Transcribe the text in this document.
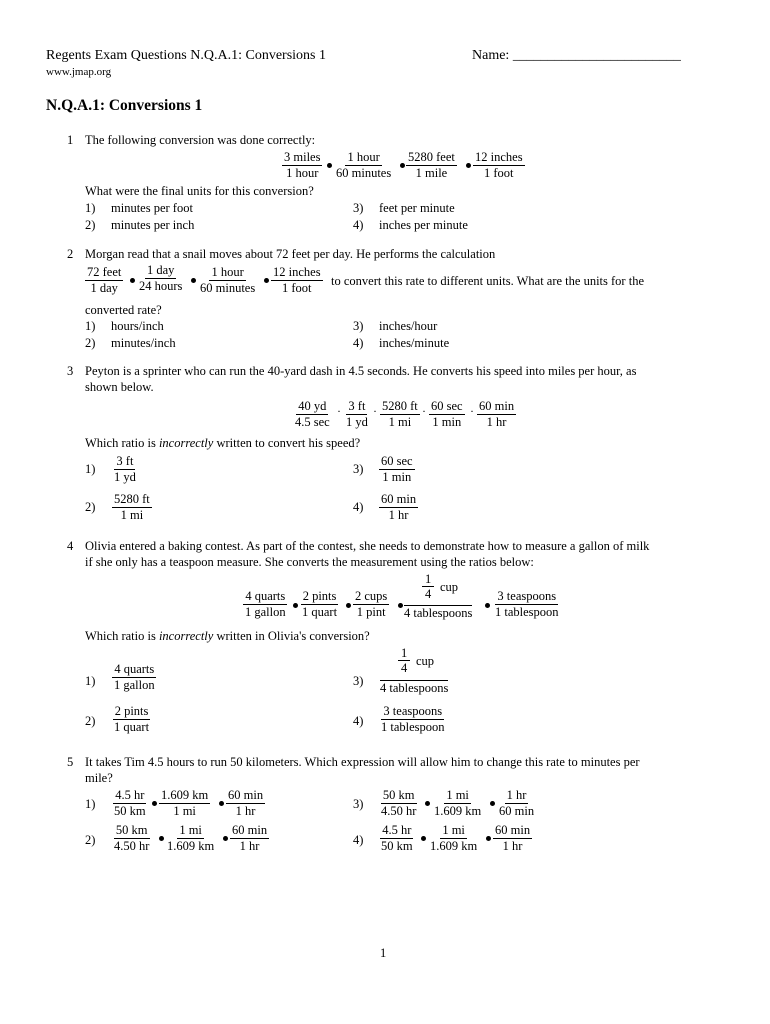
Regents Exam Questions N.Q.A.1: Conversions 1	Name: ________________________
www.jmap.org
N.Q.A.1: Conversions 1
1 The following conversion was done correctly:
3 miles
1 hour
1 hour
60 minutes
5280 feet
1 mile
12 inches
1 foot
What were the final units for this conversion?
1) minutes per foot
2) minutes per inch
3) feet per minute
4) inches per minute
2 Morgan read that a snail moves about 72 feet per day. He performs the calculation
72 feet
1 day
1 day
24 hours
1 hour
60 minutes
12 inches
1 foot to convert this rate to different units. What are the units for the
converted rate?
1) hours/inch
2) minutes/inch
3) inches/hour
4) inches/minute
3 Peyton is a sprinter who can run the 40-yard dash in 4.5 seconds. He converts his speed into miles per hour, as
shown below.
40 yd
4.5 sec
· $\frac{3 ft}{1 yd} \cdot \frac{5280 ft}{1 mi} \cdot 60$ sec
1 min
· 60 min
1 hr
Which ratio is incorrectly written to convert his speed?
$1) \frac{3 ft}{1 yd}$
$2) \frac{5280 ft}{1 mi}$
3)
60 sec
1 min
4)
60 min
1 hr
4 Olivia entered a baking contest. As part of the contest, she needs to demonstrate how to measure a gallon of milk
if she only has a teaspoon measure. She converts the measurement using the ratios below:
4 quarts
1 gallon
2 pints
1 quart
2 cups
1 pint
$\frac{1}{4}$ cup
4 tablespoons
3 teaspoons
1 tablespoon
Which ratio is incorrectly written in Olivia's conversion?
1)
4 quarts
1 gallon
2)
2 pints
1 quart
3)
$\frac{1}{4}$ cup
4 tablespoons
4)
3 teaspoons
1 tablespoon
5 It takes Tim 4.5 hours to run 50 kilometers. Which expression will allow him to change this rate to minutes per
mile?
$1) \frac{4.5 hr}{50 km} \frac{1.609 km}{1 mi} 60$ min
1 hr
$2) \frac{50 km}{4.50 hr} \frac{1 mi}{1.609 km} 60$ min
1 hr
$3) \frac{50 km}{4.50 hr} \frac{1 mi}{1.609 km} 1$ hr
60 min
$4) \frac{4.5 hr}{50 km} \frac{1 mi}{1.609 km} 60$ min
1 hr
1
